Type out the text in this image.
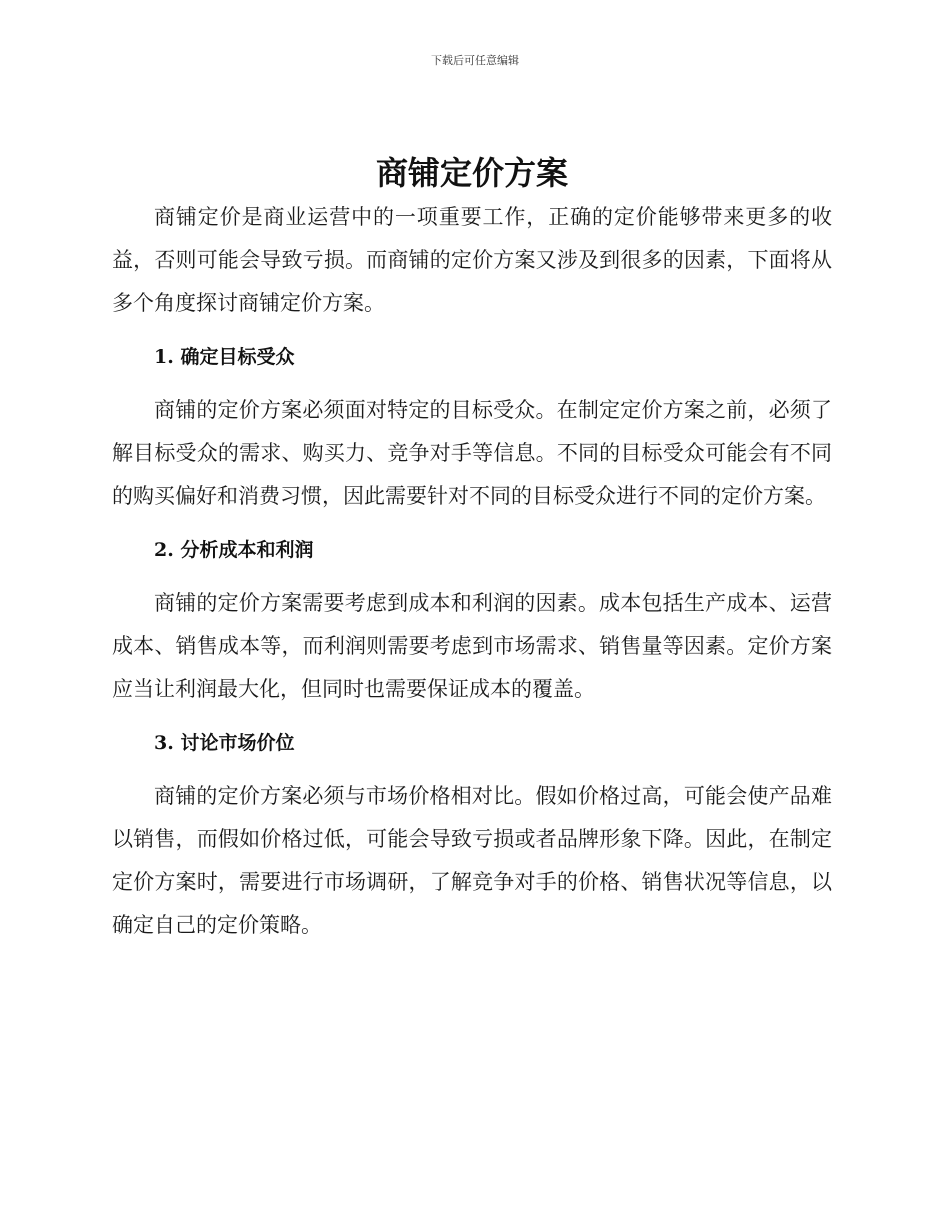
下载后可任意编辑
商铺定价方案

商铺定价是商业运营中的一项重要工作，正确的定价能够带来更多的收益，否则可能会导致亏损。而商铺的定价方案又涉及到很多的因素，下面将从多个角度探讨商铺定价方案。

1. 确定目标受众

商铺的定价方案必须面对特定的目标受众。在制定定价方案之前，必须了解目标受众的需求、购买力、竞争对手等信息。不同的目标受众可能会有不同的购买偏好和消费习惯，因此需要针对不同的目标受众进行不同的定价方案。

2. 分析成本和利润

商铺的定价方案需要考虑到成本和利润的因素。成本包括生产成本、运营成本、销售成本等，而利润则需要考虑到市场需求、销售量等因素。定价方案应当让利润最大化，但同时也需要保证成本的覆盖。

3. 讨论市场价位

商铺的定价方案必须与市场价格相对比。假如价格过高，可能会使产品难以销售，而假如价格过低，可能会导致亏损或者品牌形象下降。因此，在制定定价方案时，需要进行市场调研，了解竞争对手的价格、销售状况等信息，以确定自己的定价策略。
